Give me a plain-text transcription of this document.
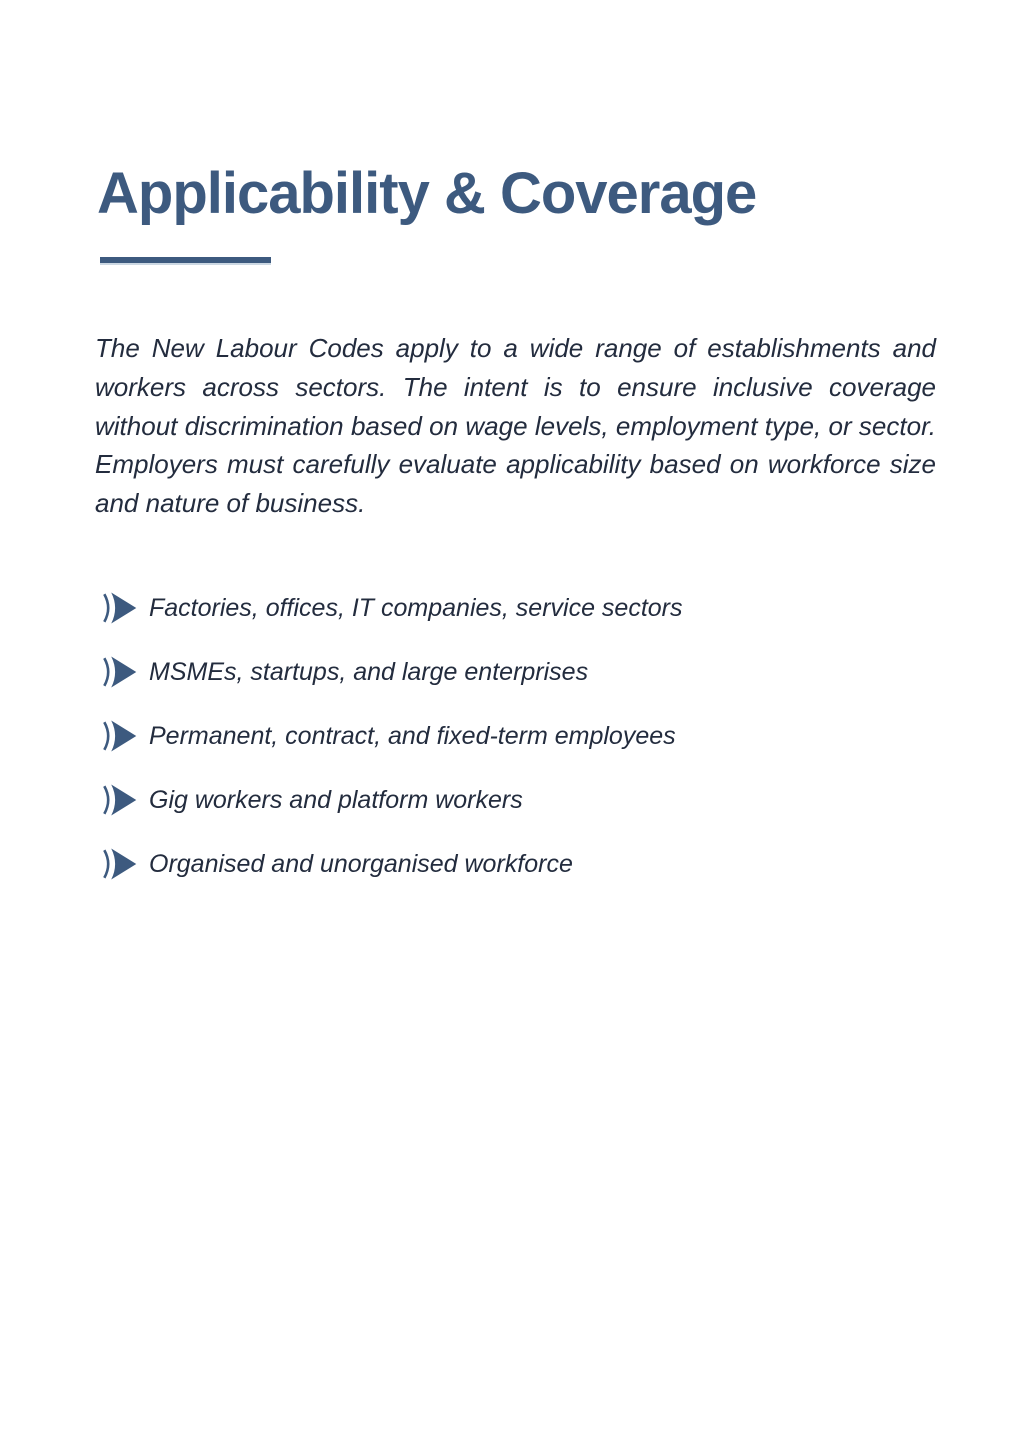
Applicability & Coverage

The New Labour Codes apply to a wide range of establishments and workers across sectors. The intent is to ensure inclusive coverage without discrimination based on wage levels, employment type, or sector. Employers must carefully evaluate applicability based on workforce size and nature of business.

Factories, offices, IT companies, service sectors
MSMEs, startups, and large enterprises
Permanent, contract, and fixed-term employees
Gig workers and platform workers
Organised and unorganised workforce
